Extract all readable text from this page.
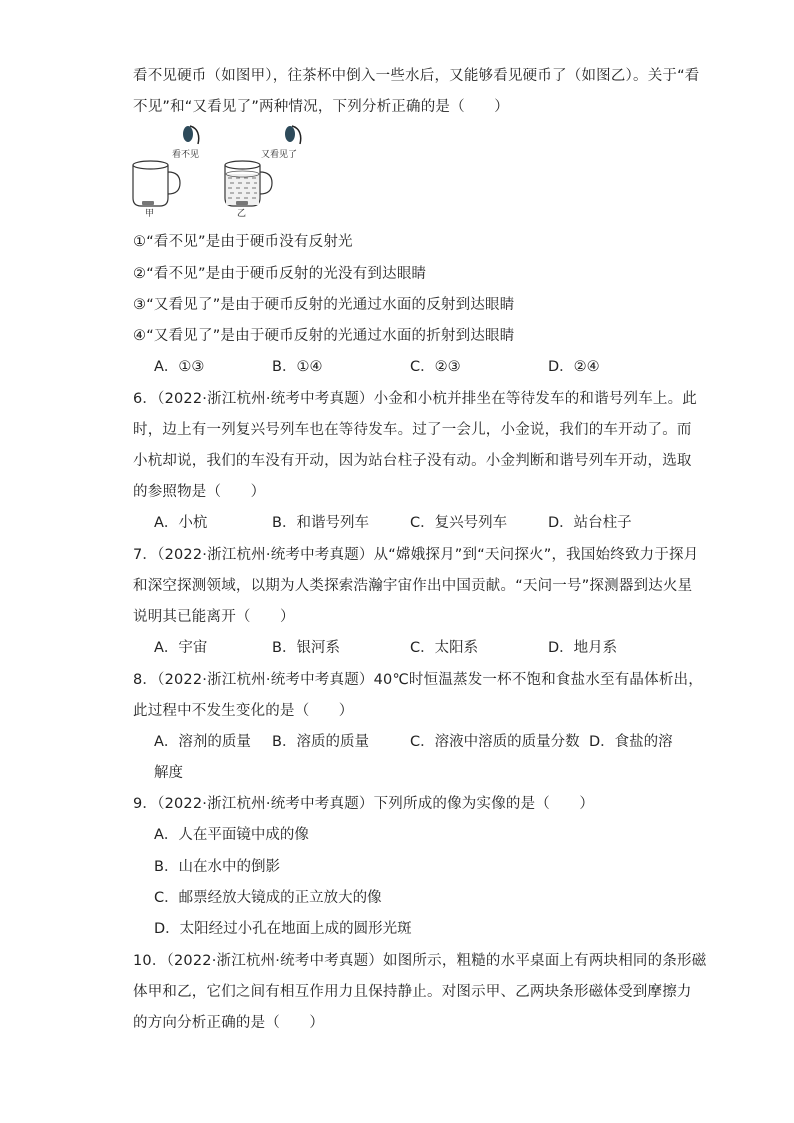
看不见硬币（如图甲），往茶杯中倒入一些水后，又能够看见硬币了（如图乙）。关于“看
不见”和“又看见了”两种情况，下列分析正确的是（　　）
看不见	又看见了
甲	乙
①“看不见”是由于硬币没有反射光
②“看不见”是由于硬币反射的光没有到达眼睛
③“又看见了”是由于硬币反射的光通过水面的反射到达眼睛
④“又看见了”是由于硬币反射的光通过水面的折射到达眼睛
A．①③	B．①④	C．②③	D．②④
6．（2022·浙江杭州·统考中考真题）小金和小杭并排坐在等待发车的和谐号列车上。此
时，边上有一列复兴号列车也在等待发车。过了一会儿，小金说，我们的车开动了。而
小杭却说，我们的车没有开动，因为站台柱子没有动。小金判断和谐号列车开动，选取
的参照物是（　　）
A．小杭	B．和谐号列车	C．复兴号列车	D．站台柱子
7．（2022·浙江杭州·统考中考真题）从“嫦娥探月”到“天问探火”，我国始终致力于探月
和深空探测领域，以期为人类探索浩瀚宇宙作出中国贡献。“天问一号”探测器到达火星
说明其已能离开（　　）
A．宇宙	B．银河系	C．太阳系	D．地月系
8．（2022·浙江杭州·统考中考真题）40℃时恒温蒸发一杯不饱和食盐水至有晶体析出，
此过程中不发生变化的是（　　）
A．溶剂的质量 B．溶质的质量	C．溶液中溶质的质量分数 D．食盐的溶
解度
9．（2022·浙江杭州·统考中考真题）下列所成的像为实像的是（　　）
A．人在平面镜中成的像
B．山在水中的倒影
C．邮票经放大镜成的正立放大的像
D．太阳经过小孔在地面上成的圆形光斑
10．（2022·浙江杭州·统考中考真题）如图所示，粗糙的水平桌面上有两块相同的条形磁
体甲和乙，它们之间有相互作用力且保持静止。对图示甲、乙两块条形磁体受到摩擦力
的方向分析正确的是（　　）
